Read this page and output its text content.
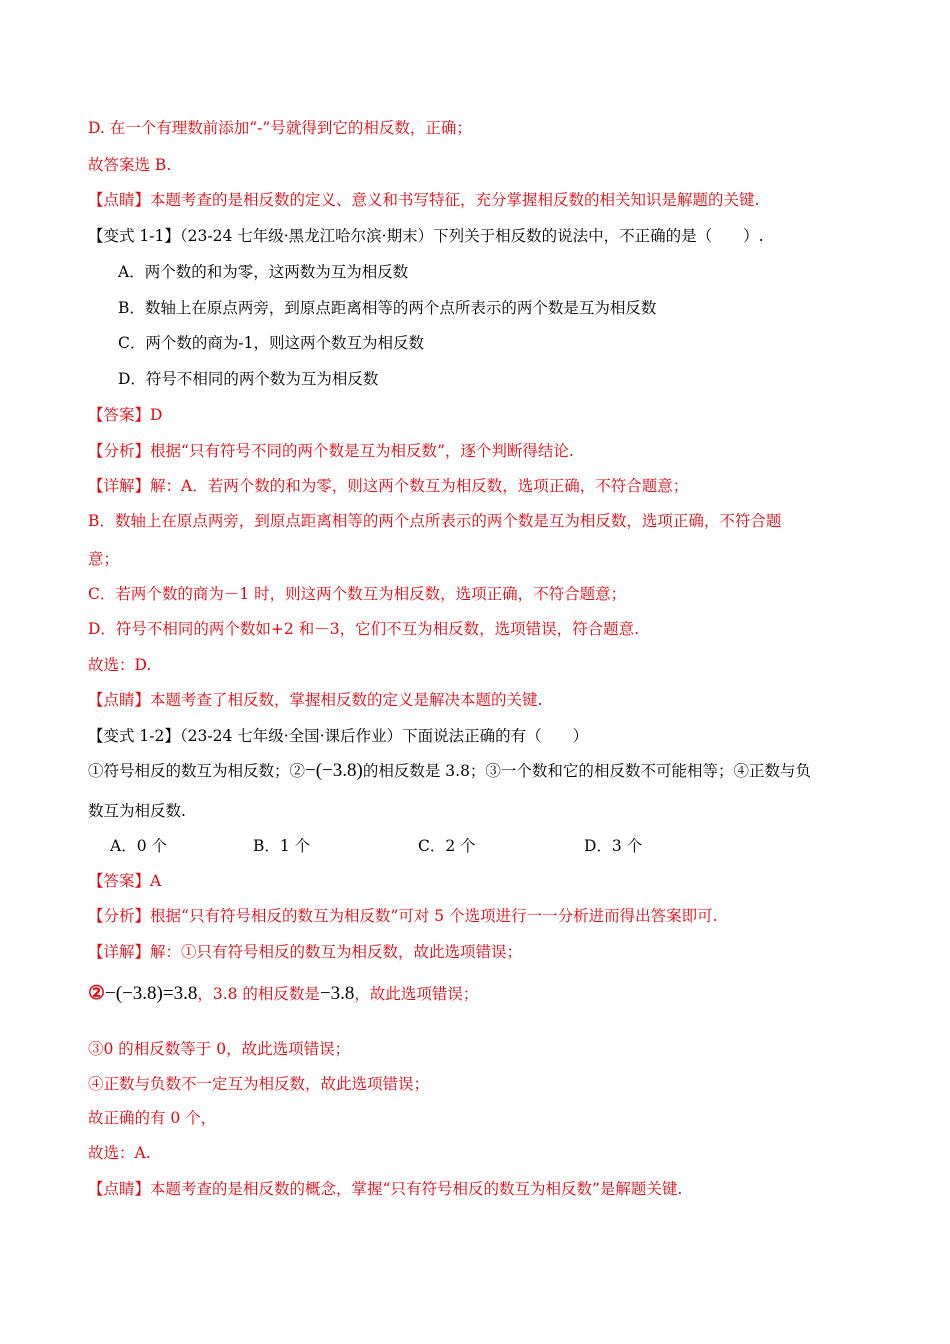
D. 在一个有理数前添加“-”号就得到它的相反数，正确；
故答案选 B.
【点睛】本题考查的是相反数的定义、意义和书写特征，充分掌握相反数的相关知识是解题的关键.
【变式 1-1】（23-24 七年级·黑龙江哈尔滨·期末）下列关于相反数的说法中，不正确的是（　　）.
A．两个数的和为零，这两数为互为相反数
B．数轴上在原点两旁，到原点距离相等的两个点所表示的两个数是互为相反数
C．两个数的商为-1，则这两个数互为相反数
D．符号不相同的两个数为互为相反数
【答案】D
【分析】根据“只有符号不同的两个数是互为相反数”，逐个判断得结论.
【详解】解：A．若两个数的和为零，则这两个数互为相反数，选项正确，不符合题意；
B．数轴上在原点两旁，到原点距离相等的两个点所表示的两个数是互为相反数，选项正确，不符合题
意；
C．若两个数的商为－1 时，则这两个数互为相反数，选项正确，不符合题意；
D．符号不相同的两个数如+2 和－3，它们不互为相反数，选项错误，符合题意.
故选：D.
【点睛】本题考查了相反数，掌握相反数的定义是解决本题的关键.
【变式 1-2】（23-24 七年级·全国·课后作业）下面说法正确的有（　　）
①符号相反的数互为相反数；②−(−3.8)的相反数是 3.8；③一个数和它的相反数不可能相等；④正数与负
数互为相反数.
A．0 个	B．1 个	C．2 个	D．3 个
【答案】A
【分析】根据“只有符号相反的数互为相反数”可对 5 个选项进行一一分析进而得出答案即可.
【详解】解：①只有符号相反的数互为相反数，故此选项错误；
②−(−3.8)=3.8，3.8 的相反数是−3.8，故此选项错误；
③0 的相反数等于 0，故此选项错误；
④正数与负数不一定互为相反数，故此选项错误；
故正确的有 0 个，
故选：A.
【点睛】本题考查的是相反数的概念，掌握“只有符号相反的数互为相反数”是解题关键.
